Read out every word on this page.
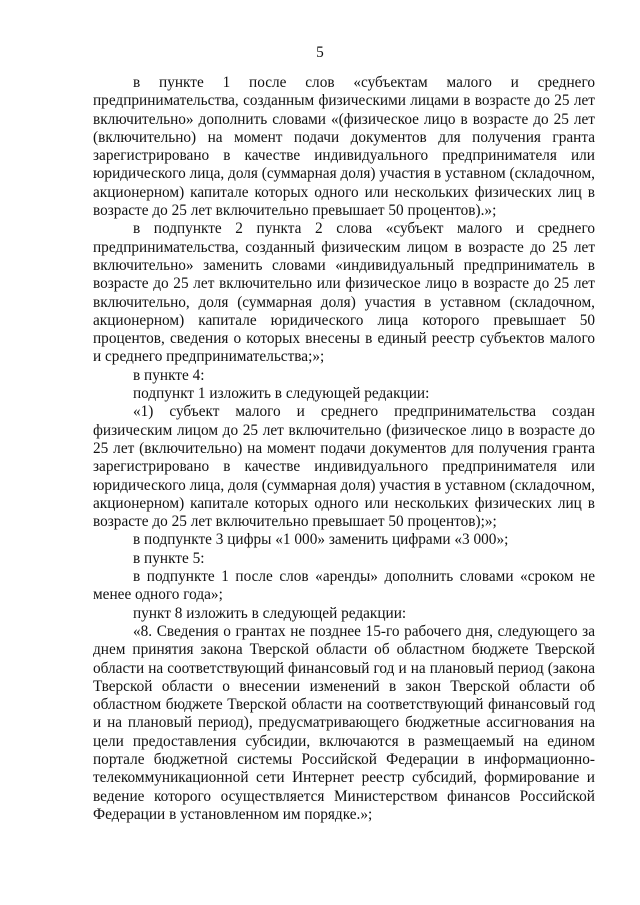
5

в пункте 1 после слов «субъектам малого и среднего предпринимательства, созданным физическими лицами в возрасте до 25 лет включительно» дополнить словами «(физическое лицо в возрасте до 25 лет (включительно) на момент подачи документов для получения гранта зарегистрировано в качестве индивидуального предпринимателя или юридического лица, доля (суммарная доля) участия в уставном (складочном, акционерном) капитале которых одного или нескольких физических лиц в возрасте до 25 лет включительно превышает 50 процентов).»;

в подпункте 2 пункта 2 слова «субъект малого и среднего предпринимательства, созданный физическим лицом в возрасте до 25 лет включительно» заменить словами «индивидуальный предприниматель в возрасте до 25 лет включительно или физическое лицо в возрасте до 25 лет включительно, доля (суммарная доля) участия в уставном (складочном, акционерном) капитале юридического лица которого превышает 50 процентов, сведения о которых внесены в единый реестр субъектов малого и среднего предпринимательства;»;

в пункте 4:

подпункт 1 изложить в следующей редакции:

«1) субъект малого и среднего предпринимательства создан физическим лицом до 25 лет включительно (физическое лицо в возрасте до 25 лет (включительно) на момент подачи документов для получения гранта зарегистрировано в качестве индивидуального предпринимателя или юридического лица, доля (суммарная доля) участия в уставном (складочном, акционерном) капитале которых одного или нескольких физических лиц в возрасте до 25 лет включительно превышает 50 процентов);»;

в подпункте 3 цифры «1 000» заменить цифрами «3 000»;

в пункте 5:

в подпункте 1 после слов «аренды» дополнить словами «сроком не менее одного года»;

пункт 8 изложить в следующей редакции:

«8. Сведения о грантах не позднее 15-го рабочего дня, следующего за днем принятия закона Тверской области об областном бюджете Тверской области на соответствующий финансовый год и на плановый период (закона Тверской области о внесении изменений в закон Тверской области об областном бюджете Тверской области на соответствующий финансовый год и на плановый период), предусматривающего бюджетные ассигнования на цели предоставления субсидии, включаются в размещаемый на едином портале бюджетной системы Российской Федерации в информационно-телекоммуникационной сети Интернет реестр субсидий, формирование и ведение которого осуществляется Министерством финансов Российской Федерации в установленном им порядке.»;
